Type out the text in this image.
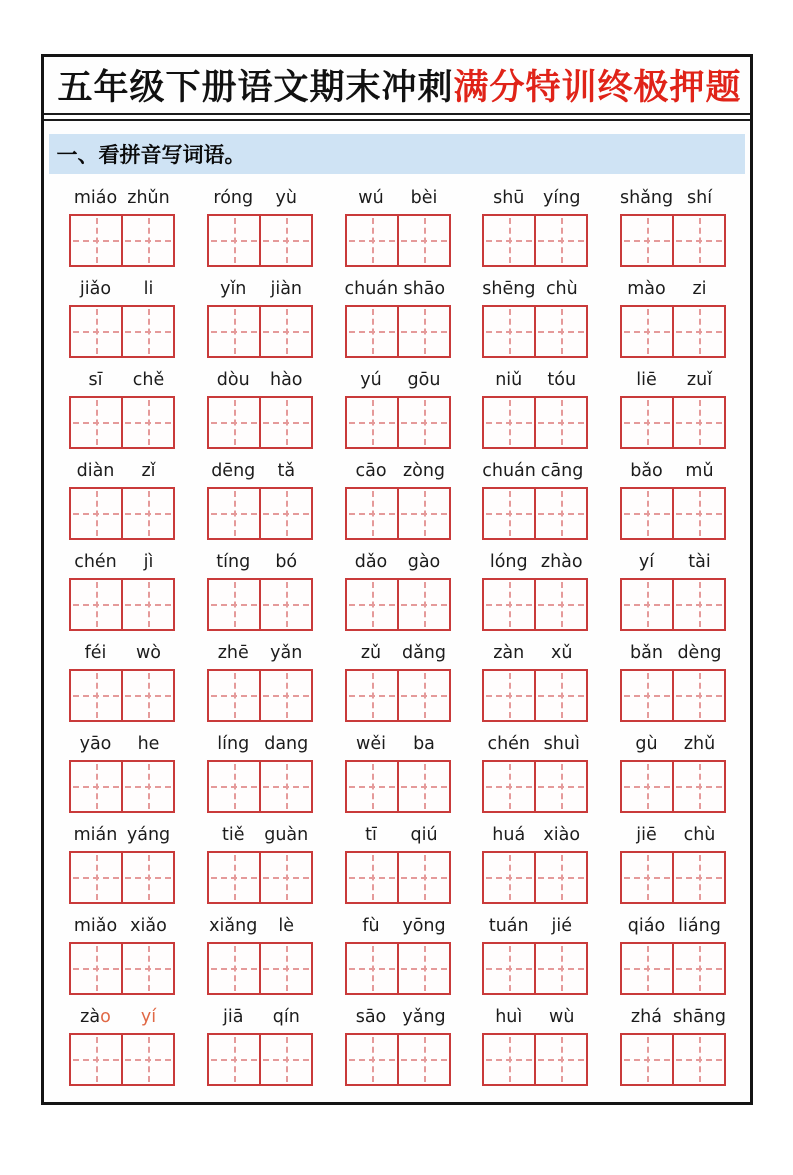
五年级下册语文期末冲刺满分特训终极押题
一、看拼音写词语。
miáo zhǔn	róng	yù	wú	bèi	shū	yíng	shǎng shí
jiǎo	li	yǐn	jiàn	chuán shāo	shēng chù	mào	zi
sī	chě	dòu	hào	yú	gōu	niǔ	tóu	liē	zuǐ
diàn	zǐ	dēng	tǎ	cāo zòng	chuán cāng	bǎo	mǔ
chén	jì	tíng	bó	dǎo	gào	lóng zhào	yí	tài
féi	wò	zhē	yǎn	zǔ	dǎng	zàn	xǔ	bǎn dèng
yāo	he	líng dang	wěi	ba	chén shuì	gù	zhǔ
mián yáng	tiě	guàn	tī	qiú	huá	xiào	jiē	chù
miǎo xiǎo	xiǎng	lè	fù	yōng	tuán	jié	qiáo liáng
zào	yí	jiā	qín	sāo yǎng	huì	wù	zhá shāng
